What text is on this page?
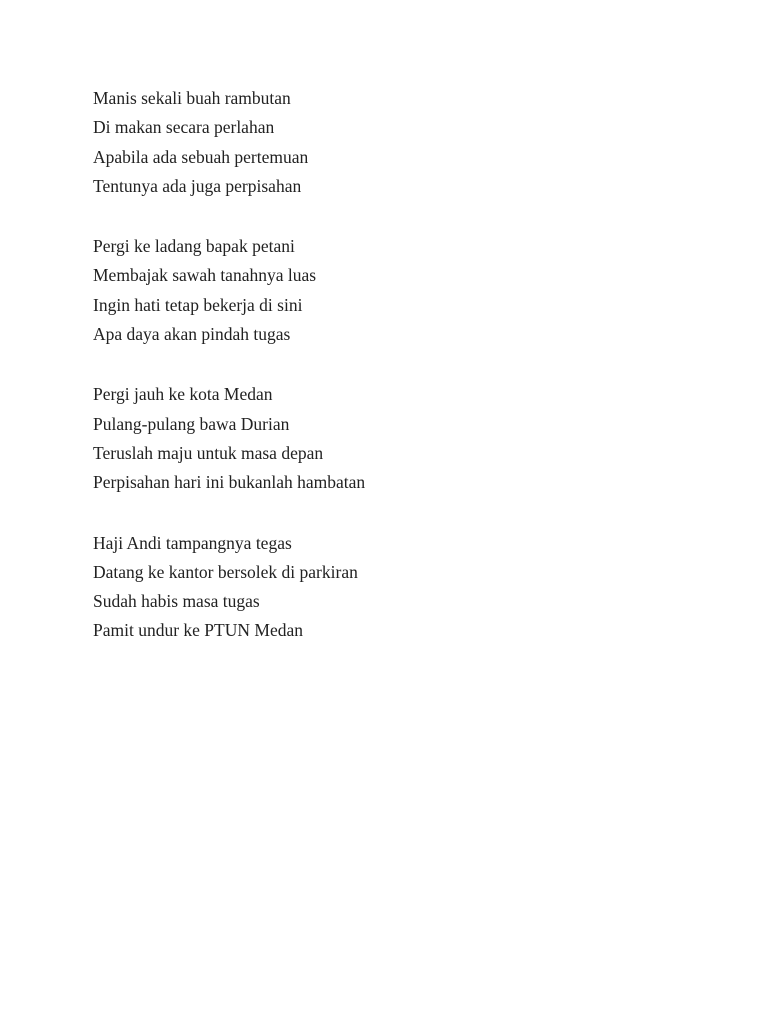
Manis sekali buah rambutan
Di makan secara perlahan
Apabila ada sebuah pertemuan
Tentunya ada juga perpisahan
Pergi ke ladang bapak petani
Membajak sawah tanahnya luas
Ingin hati tetap bekerja di sini
Apa daya akan pindah tugas
Pergi jauh ke kota Medan
Pulang-pulang bawa Durian
Teruslah maju untuk masa depan
Perpisahan hari ini bukanlah hambatan
Haji Andi tampangnya tegas
Datang ke kantor bersolek di parkiran
Sudah habis masa tugas
Pamit undur ke PTUN Medan
